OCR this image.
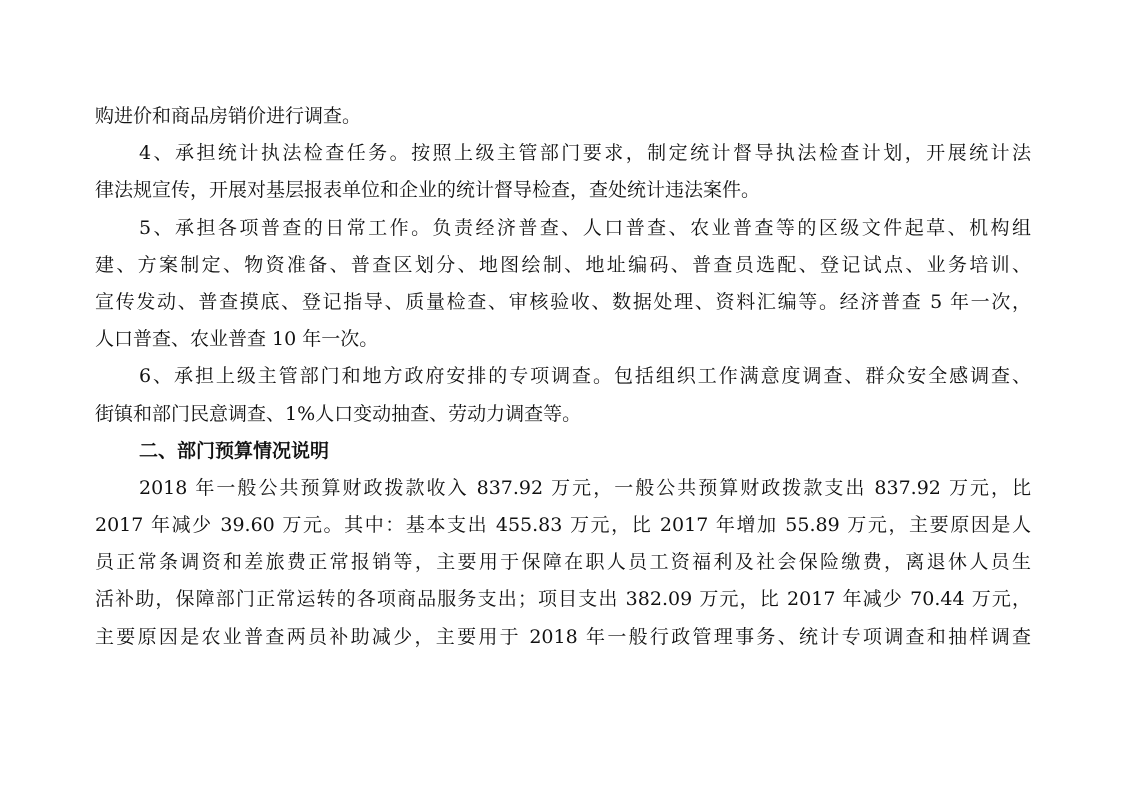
购进价和商品房销价进行调查。
4、承担统计执法检查任务。按照上级主管部门要求，制定统计督导执法检查计划，开展统计法
律法规宣传，开展对基层报表单位和企业的统计督导检查，查处统计违法案件。
5、承担各项普查的日常工作。负责经济普查、人口普查、农业普查等的区级文件起草、机构组
建、方案制定、物资准备、普查区划分、地图绘制、地址编码、普查员选配、登记试点、业务培训、
宣传发动、普查摸底、登记指导、质量检查、审核验收、数据处理、资料汇编等。经济普查 5 年一次，
人口普查、农业普查 10 年一次。
6、承担上级主管部门和地方政府安排的专项调查。包括组织工作满意度调查、群众安全感调查、
街镇和部门民意调查、1%人口变动抽查、劳动力调查等。
二、部门预算情况说明
2018 年一般公共预算财政拨款收入 837.92 万元，一般公共预算财政拨款支出 837.92 万元，比
2017 年减少 39.60 万元。其中：基本支出 455.83 万元，比 2017 年增加 55.89 万元，主要原因是人
员正常条调资和差旅费正常报销等，主要用于保障在职人员工资福利及社会保险缴费，离退休人员生
活补助，保障部门正常运转的各项商品服务支出；项目支出 382.09 万元，比 2017 年减少 70.44 万元，
主要原因是农业普查两员补助减少，主要用于 2018 年一般行政管理事务、统计专项调查和抽样调查
